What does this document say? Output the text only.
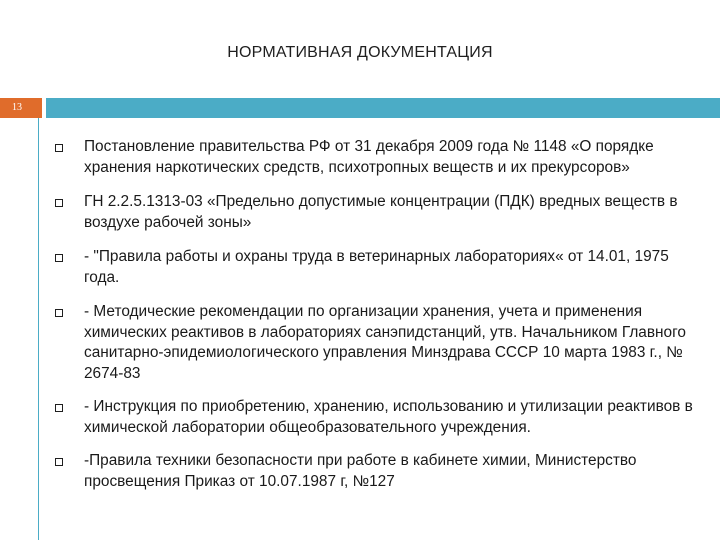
НОРМАТИВНАЯ ДОКУМЕНТАЦИЯ
13
Постановление правительства РФ от 31 декабря 2009 года № 1148 «О порядке хранения наркотических средств, психотропных веществ и их прекурсоров»
ГН 2.2.5.1313-03 «Предельно допустимые концентрации (ПДК) вредных веществ в воздухе рабочей зоны»
- "Правила работы и охраны труда в ветеринарных лабораториях« от 14.01, 1975 года.
- Методические рекомендации по организации хранения, учета и применения химических реактивов в лабораториях санэпидстанций, утв. Начальником Главного санитарно-эпидемиологического управления Минздрава СССР 10 марта 1983 г., № 2674-83
- Инструкция по приобретению, хранению, использованию и утилизации реактивов в химической лаборатории общеобразовательного учреждения.
-Правила техники безопасности при работе в кабинете химии, Министерство просвещения Приказ от 10.07.1987 г, №127
